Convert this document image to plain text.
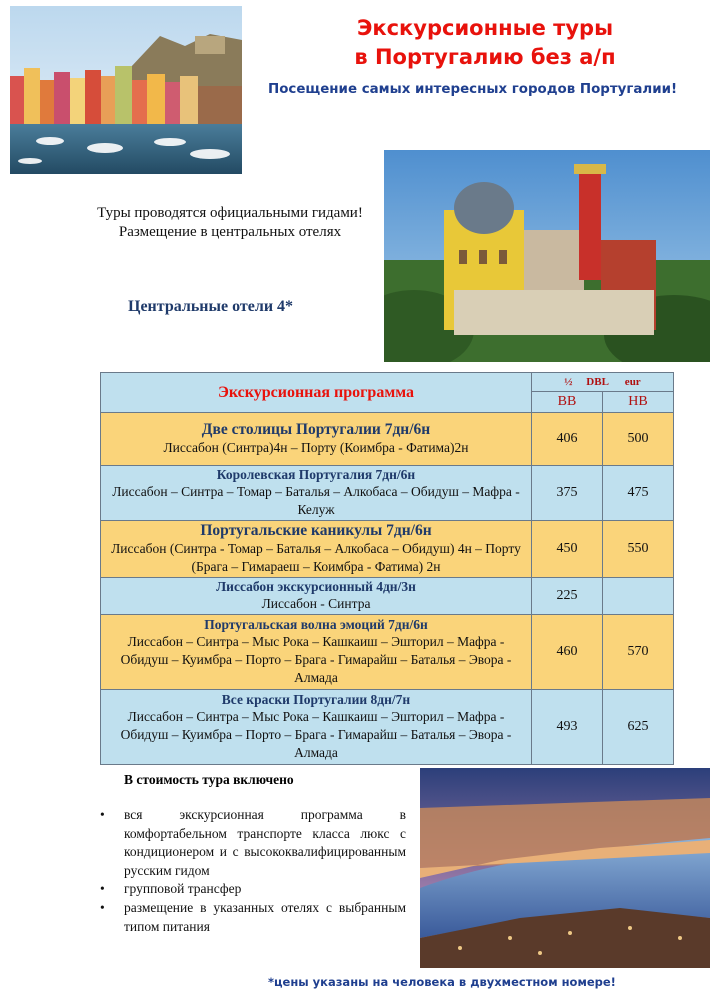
Экскурсионные туры
в Португалию без а/п
Посещение самых интересных городов Португалии!
Туры проводятся официальными гидами!
Размещение в центральных отелях
Центральные отели 4*
Экскурсионная программа	½     DBL      eur	
	BB	HB

Две столицы Португалии 7дн/6н
Лиссабон (Синтра)4н – Порту (Коимбра - Фатима)2н	406	500

Королевская Португалия 7дн/6н
Лиссабон – Синтра – Томар – Баталья – Алкобаса – Обидуш – Мафра - Келуж	375	475

Португальские каникулы 7дн/6н
Лиссабон (Синтра - Томар – Баталья – Алкобаса – Обидуш) 4н – Порту (Брага – Гимараеш – Коимбра - Фатима) 2н	450	550

Лиссабон экскурсионный 4дн/3н
Лиссабон - Синтра	225	

Португальская волна эмоций 7дн/6н
Лиссабон – Синтра – Мыс Рока – Кашкаиш – Эшторил – Мафра - Обидуш – Куимбра – Порто – Брага - Гимарайш – Баталья – Эвора - Алмада	460	570

Все краски Португалии 8дн/7н
Лиссабон – Синтра – Мыс Рока – Кашкаиш – Эшторил – Мафра - Обидуш – Куимбра – Порто – Брага - Гимарайш – Баталья – Эвора - Алмада	493	625
В стоимость тура включено
• вся экскурсионная программа в комфортабельном транспорте класса люкс с кондиционером и с высококвалифицированным русским гидом
• групповой трансфер
• размещение в указанных отелях с выбранным типом питания
*цены указаны на человека в двухместном номере!
